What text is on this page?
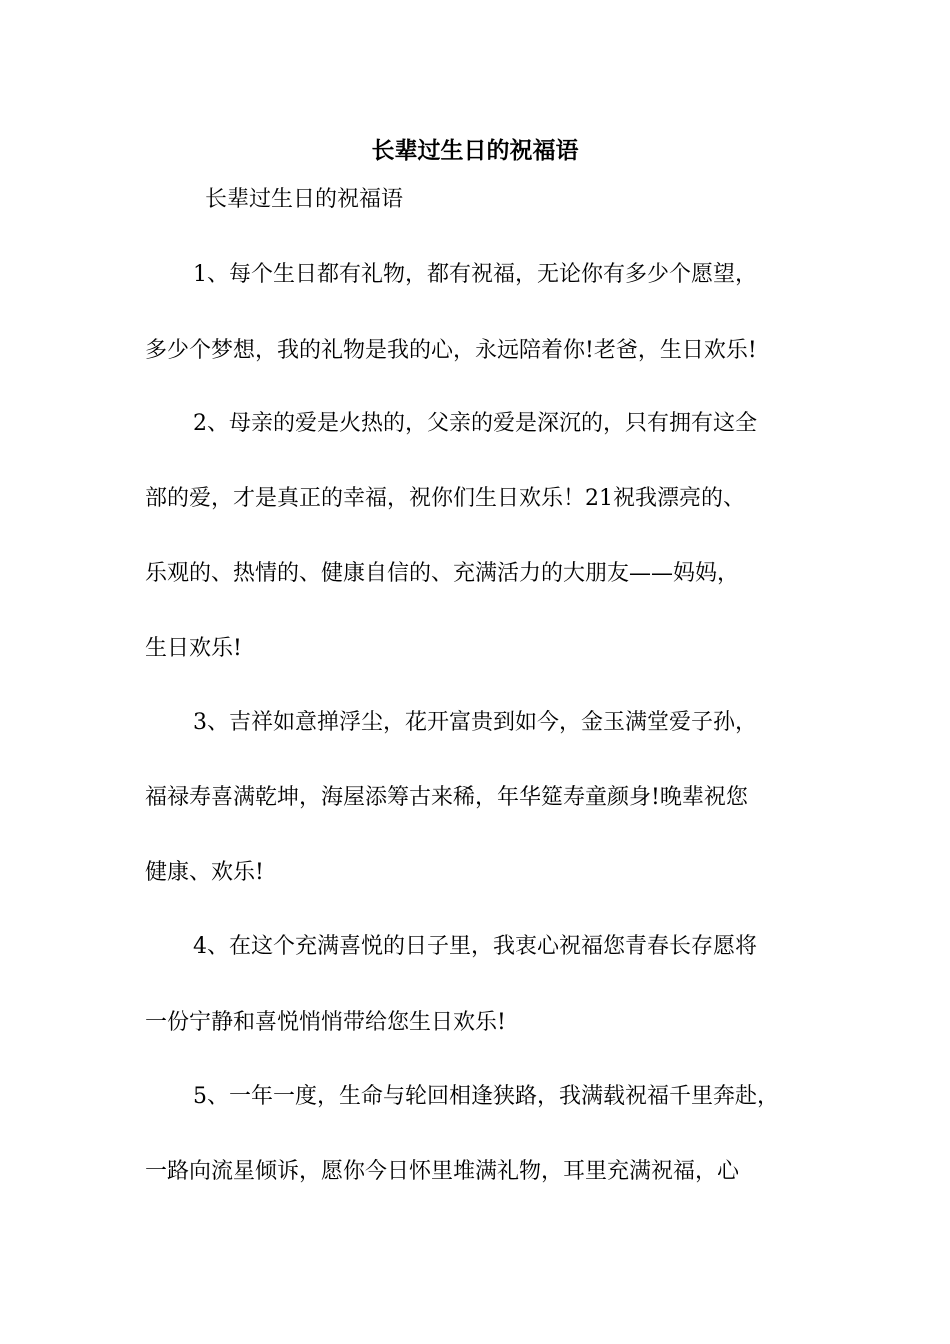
长辈过生日的祝福语
长辈过生日的祝福语
1、每个生日都有礼物，都有祝福，无论你有多少个愿望，
多少个梦想，我的礼物是我的心，永远陪着你!老爸，生日欢乐!
2、母亲的爱是火热的，父亲的爱是深沉的，只有拥有这全
部的爱，才是真正的幸福，祝你们生日欢乐！21祝我漂亮的、
乐观的、热情的、健康自信的、充满活力的大朋友——妈妈，
生日欢乐!
3、吉祥如意掸浮尘，花开富贵到如今，金玉满堂爱子孙，
福禄寿喜满乾坤，海屋添筹古来稀，年华筵寿童颜身!晚辈祝您
健康、欢乐!
4、在这个充满喜悦的日子里，我衷心祝福您青春长存愿将
一份宁静和喜悦悄悄带给您生日欢乐!
5、一年一度，生命与轮回相逢狭路，我满载祝福千里奔赴，
一路向流星倾诉，愿你今日怀里堆满礼物，耳里充满祝福，心
